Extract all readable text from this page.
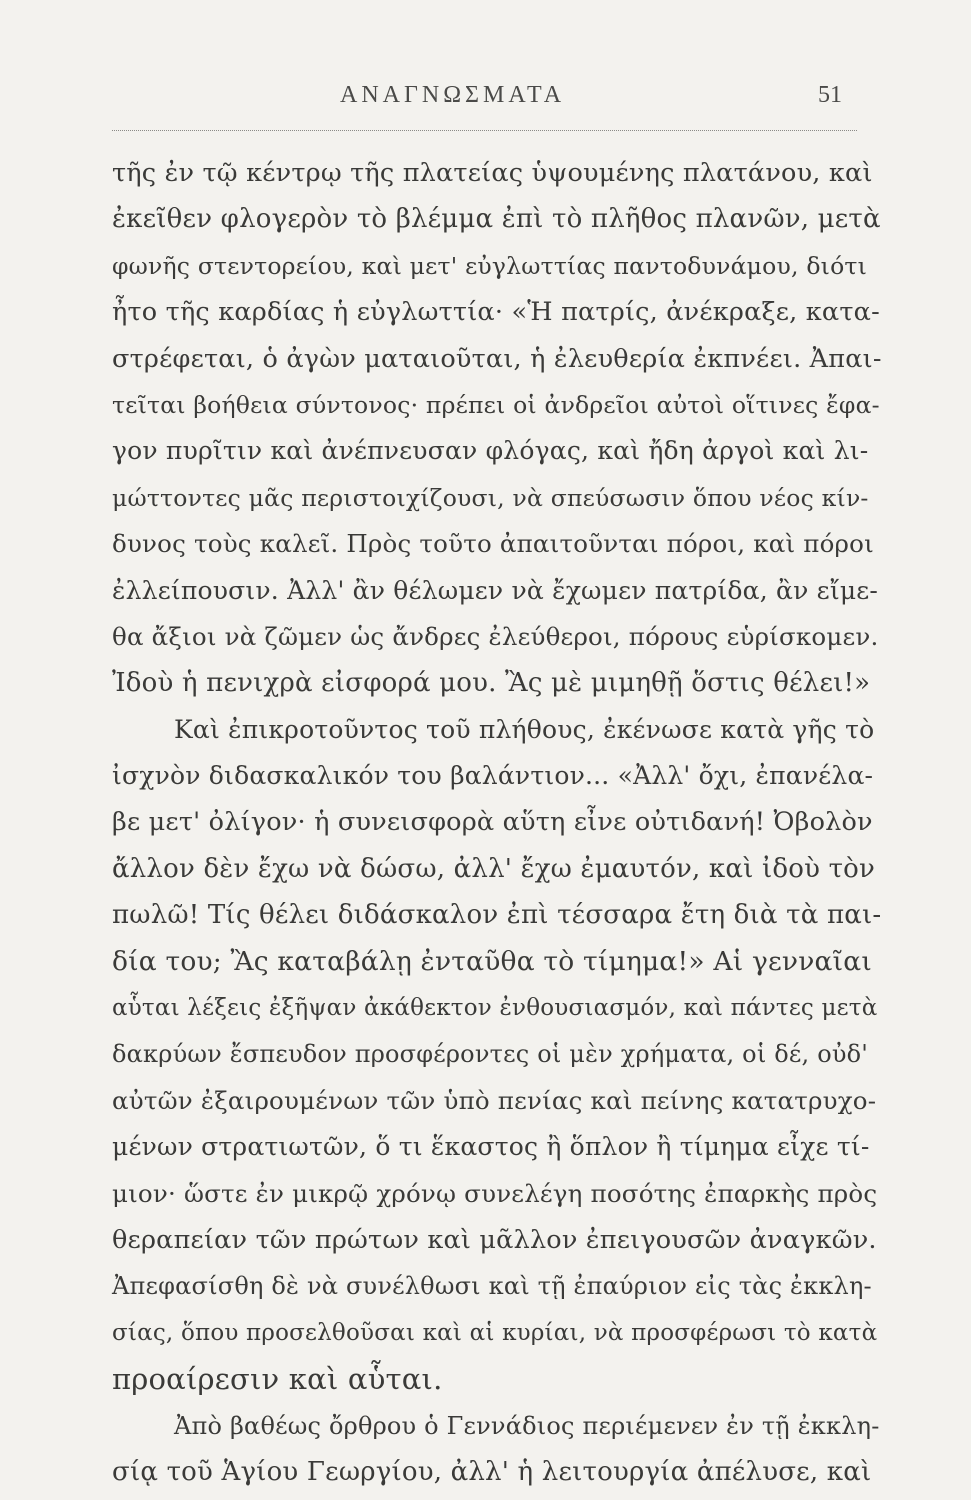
ΑΝΑΓΝΩΣΜΑΤΑ	51
τῆς ἐν τῷ κέντρῳ τῆς πλατείας ὑψουμένης πλατάνου, καὶ
ἐκεῖθεν φλογερὸν τὸ βλέμμα ἐπὶ τὸ πλῆθος πλανῶν, μετὰ
φωνῆς στεντορείου, καὶ μετ' εὐγλωττίας παντοδυνάμου, διότι
ἦτο τῆς καρδίας ἡ εὐγλωττία· «Ἡ πατρίς, ἀνέκραξε, κατα-
στρέφεται, ὁ ἀγὼν ματαιοῦται, ἡ ἐλευθερία ἐκπνέει. Ἀπαι-
τεῖται βοήθεια σύντονος· πρέπει οἱ ἀνδρεῖοι αὐτοὶ οἵτινες ἔφα-
γον πυρῖτιν καὶ ἀνέπνευσαν φλόγας, καὶ ἤδη ἀργοὶ καὶ λι-
μώττοντες μᾶς περιστοιχίζουσι, νὰ σπεύσωσιν ὅπου νέος κίν-
δυνος τοὺς καλεῖ. Πρὸς τοῦτο ἀπαιτοῦνται πόροι, καὶ πόροι
ἐλλείπουσιν. Ἀλλ' ἂν θέλωμεν νὰ ἔχωμεν πατρίδα, ἂν εἴμε-
θα ἄξιοι νὰ ζῶμεν ὡς ἄνδρες ἐλεύθεροι, πόρους εὑρίσκομεν.
Ἰδοὺ ἡ πενιχρὰ εἰσφορά μου. Ἂς μὲ μιμηθῇ ὅστις θέλει!»
Καὶ ἐπικροτοῦντος τοῦ πλήθους, ἐκένωσε κατὰ γῆς τὸ
ἰσχνὸν διδασκαλικόν του βαλάντιον... «Ἀλλ' ὄχι, ἐπανέλα-
βε μετ' ὀλίγον· ἡ συνεισφορὰ αὕτη εἶνε οὐτιδανή! Ὀβολὸν
ἄλλον δὲν ἔχω νὰ δώσω, ἀλλ' ἔχω ἐμαυτόν, καὶ ἰδοὺ τὸν
πωλῶ! Τίς θέλει διδάσκαλον ἐπὶ τέσσαρα ἔτη διὰ τὰ παι-
δία του; Ἂς καταβάλῃ ἐνταῦθα τὸ τίμημα!» Αἱ γενναῖαι
αὗται λέξεις ἐξῆψαν ἀκάθεκτον ἐνθουσιασμόν, καὶ πάντες μετὰ
δακρύων ἔσπευδον προσφέροντες οἱ μὲν χρήματα, οἱ δέ, οὐδ'
αὐτῶν ἐξαιρουμένων τῶν ὑπὸ πενίας καὶ πείνης κατατρυχο-
μένων στρατιωτῶν, ὅ τι ἕκαστος ἢ ὅπλον ἢ τίμημα εἶχε τί-
μιον· ὥστε ἐν μικρῷ χρόνῳ συνελέγη ποσότης ἐπαρκὴς πρὸς
θεραπείαν τῶν πρώτων καὶ μᾶλλον ἐπειγουσῶν ἀναγκῶν.
Ἀπεφασίσθη δὲ νὰ συνέλθωσι καὶ τῇ ἐπαύριον εἰς τὰς ἐκκλη-
σίας, ὅπου προσελθοῦσαι καὶ αἱ κυρίαι, νὰ προσφέρωσι τὸ κατὰ
προαίρεσιν καὶ αὗται.
Ἀπὸ βαθέως ὄρθρου ὁ Γεννάδιος περιέμενεν ἐν τῇ ἐκκλη-
σίᾳ τοῦ Ἁγίου Γεωργίου, ἀλλ' ἡ λειτουργία ἀπέλυσε, καὶ
